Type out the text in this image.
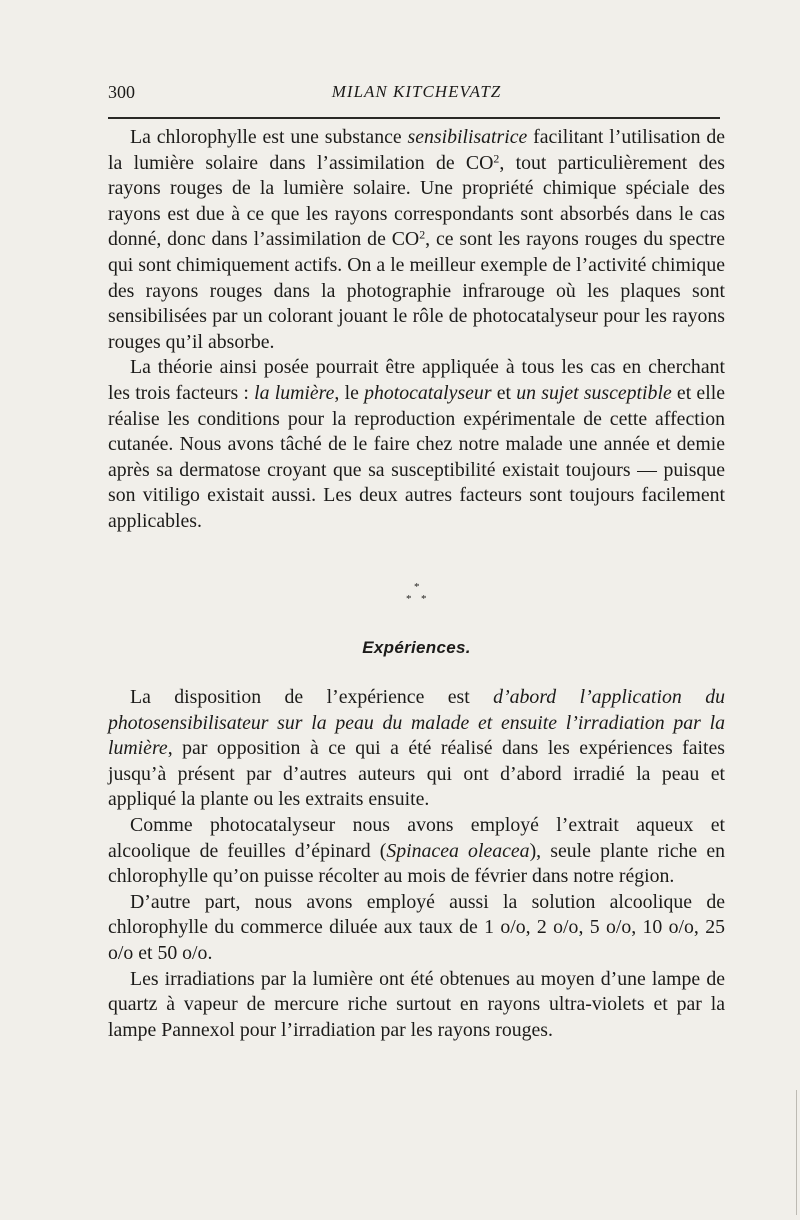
300	MILAN KITCHEVATZ

La chlorophylle est une substance sensibilisatrice facilitant l’utilisation de la lumière solaire dans l’assimilation de $CO^2$, tout particulièrement des rayons rouges de la lumière solaire. Une propriété chimique spéciale des rayons est due à ce que les rayons correspondants sont absorbés dans le cas donné, donc dans l’assimilation de $CO^2$, ce sont les rayons rouges du spectre qui sont chimiquement actifs. On a le meilleur exemple de l’activité chimique des rayons rouges dans la photographie infrarouge où les plaques sont sensibilisées par un colorant jouant le rôle de photocatalyseur pour les rayons rouges qu’il absorbe.

La théorie ainsi posée pourrait être appliquée à tous les cas en cherchant les trois facteurs : la lumière, le photocatalyseur et un sujet susceptible et elle réalise les conditions pour la reproduction expérimentale de cette affection cutanée. Nous avons tâché de le faire chez notre malade une année et demie après sa dermatose croyant que sa susceptibilité existait toujours — puisque son vitiligo existait aussi. Les deux autres facteurs sont toujours facilement applicables.

*
* *
Expériences.

La disposition de l’expérience est d’abord l’application du photosensibilisateur sur la peau du malade et ensuite l’irradiation par la lumière, par opposition à ce qui a été réalisé dans les expériences faites jusqu’à présent par d’autres auteurs qui ont d’abord irradié la peau et appliqué la plante ou les extraits ensuite.

Comme photocatalyseur nous avons employé l’extrait aqueux et alcoolique de feuilles d’épinard (Spinacea oleacea), seule plante riche en chlorophylle qu’on puisse récolter au mois de février dans notre région.

D’autre part, nous avons employé aussi la solution alcoolique de chlorophylle du commerce diluée aux taux de 1 o/o, 2 o/o, 5 o/o, 10 o/o, 25 o/o et 50 o/o.

Les irradiations par la lumière ont été obtenues au moyen d’une lampe de quartz à vapeur de mercure riche surtout en rayons ultra-violets et par la lampe Pannexol pour l’irradiation par les rayons rouges.
